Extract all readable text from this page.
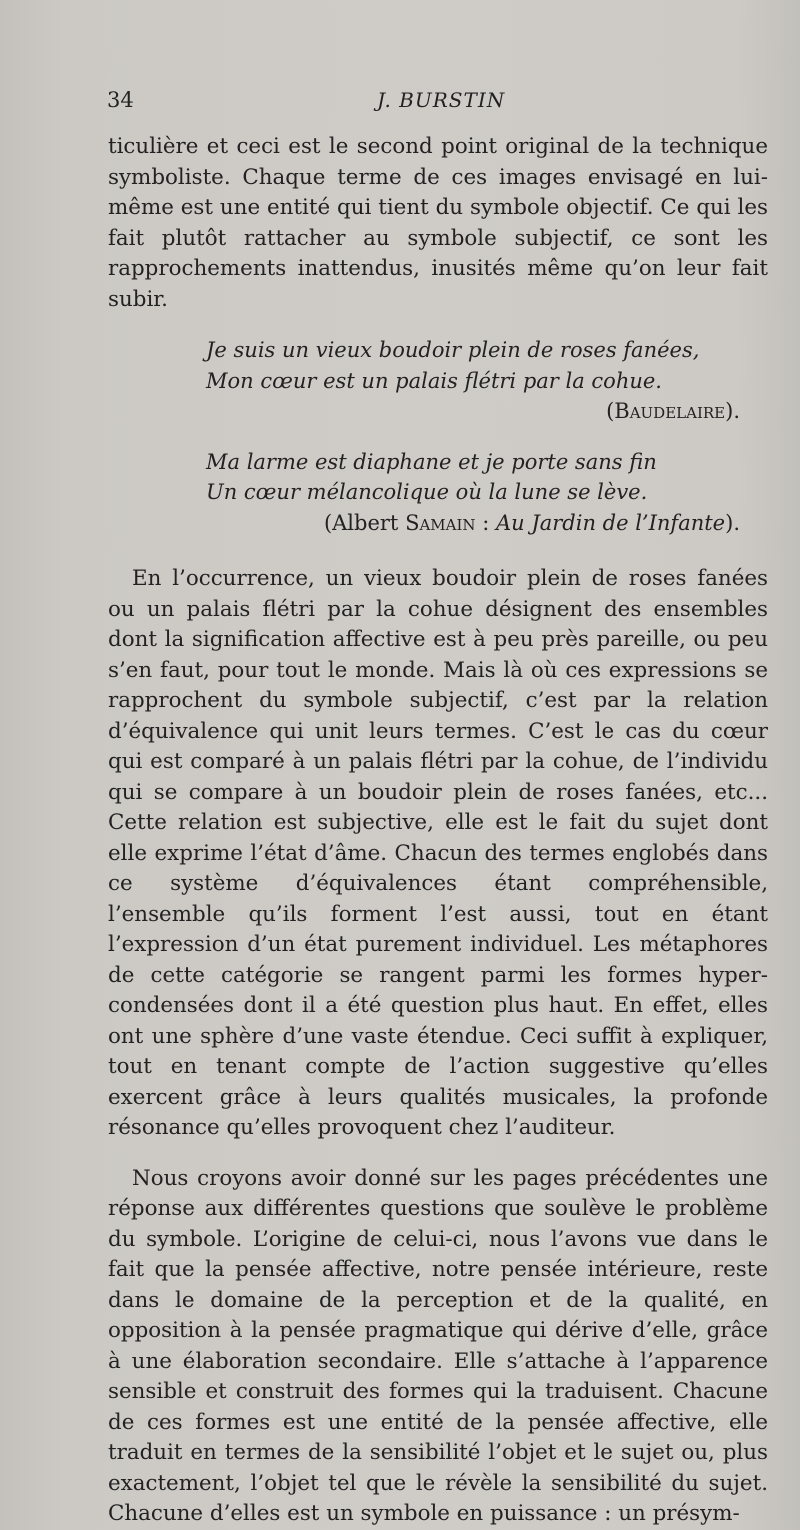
34	J. BURSTIN

ticulière et ceci est le second point original de la technique symboliste. Chaque terme de ces images envisagé en lui-même est une entité qui tient du symbole objectif. Ce qui les fait plutôt rattacher au symbole subjectif, ce sont les rapprochements inattendus, inusités même qu’on leur fait subir.

Je suis un vieux boudoir plein de roses fanées,
Mon cœur est un palais flétri par la cohue.
(Baudelaire).
Ma larme est diaphane et je porte sans fin
Un cœur mélancolique où la lune se lève.
(Albert Samain : Au Jardin de l’Infante).

En l’occurrence, un vieux boudoir plein de roses fanées ou un palais flétri par la cohue désignent des ensembles dont la signification affective est à peu près pareille, ou peu s’en faut, pour tout le monde. Mais là où ces expressions se rapprochent du symbole subjectif, c’est par la relation d’équivalence qui unit leurs termes. C’est le cas du cœur qui est comparé à un palais flétri par la cohue, de l’individu qui se compare à un boudoir plein de roses fanées, etc... Cette relation est subjective, elle est le fait du sujet dont elle exprime l’état d’âme. Chacun des termes englobés dans ce système d’équivalences étant compréhensible, l’ensemble qu’ils forment l’est aussi, tout en étant l’expression d’un état purement individuel. Les métaphores de cette catégorie se rangent parmi les formes hyper-condensées dont il a été question plus haut. En effet, elles ont une sphère d’une vaste étendue. Ceci suffit à expliquer, tout en tenant compte de l’action suggestive qu’elles exercent grâce à leurs qualités musicales, la profonde résonance qu’elles provoquent chez l’auditeur.

Nous croyons avoir donné sur les pages précédentes une réponse aux différentes questions que soulève le problème du symbole. L’origine de celui-ci, nous l’avons vue dans le fait que la pensée affective, notre pensée intérieure, reste dans le domaine de la perception et de la qualité, en opposition à la pensée pragmatique qui dérive d’elle, grâce à une élaboration secondaire. Elle s’attache à l’apparence sensible et construit des formes qui la traduisent. Chacune de ces formes est une entité de la pensée affective, elle traduit en termes de la sensibilité l’objet et le sujet ou, plus exactement, l’objet tel que le révèle la sensibilité du sujet. Chacune d’elles est un symbole en puissance : un présym-
